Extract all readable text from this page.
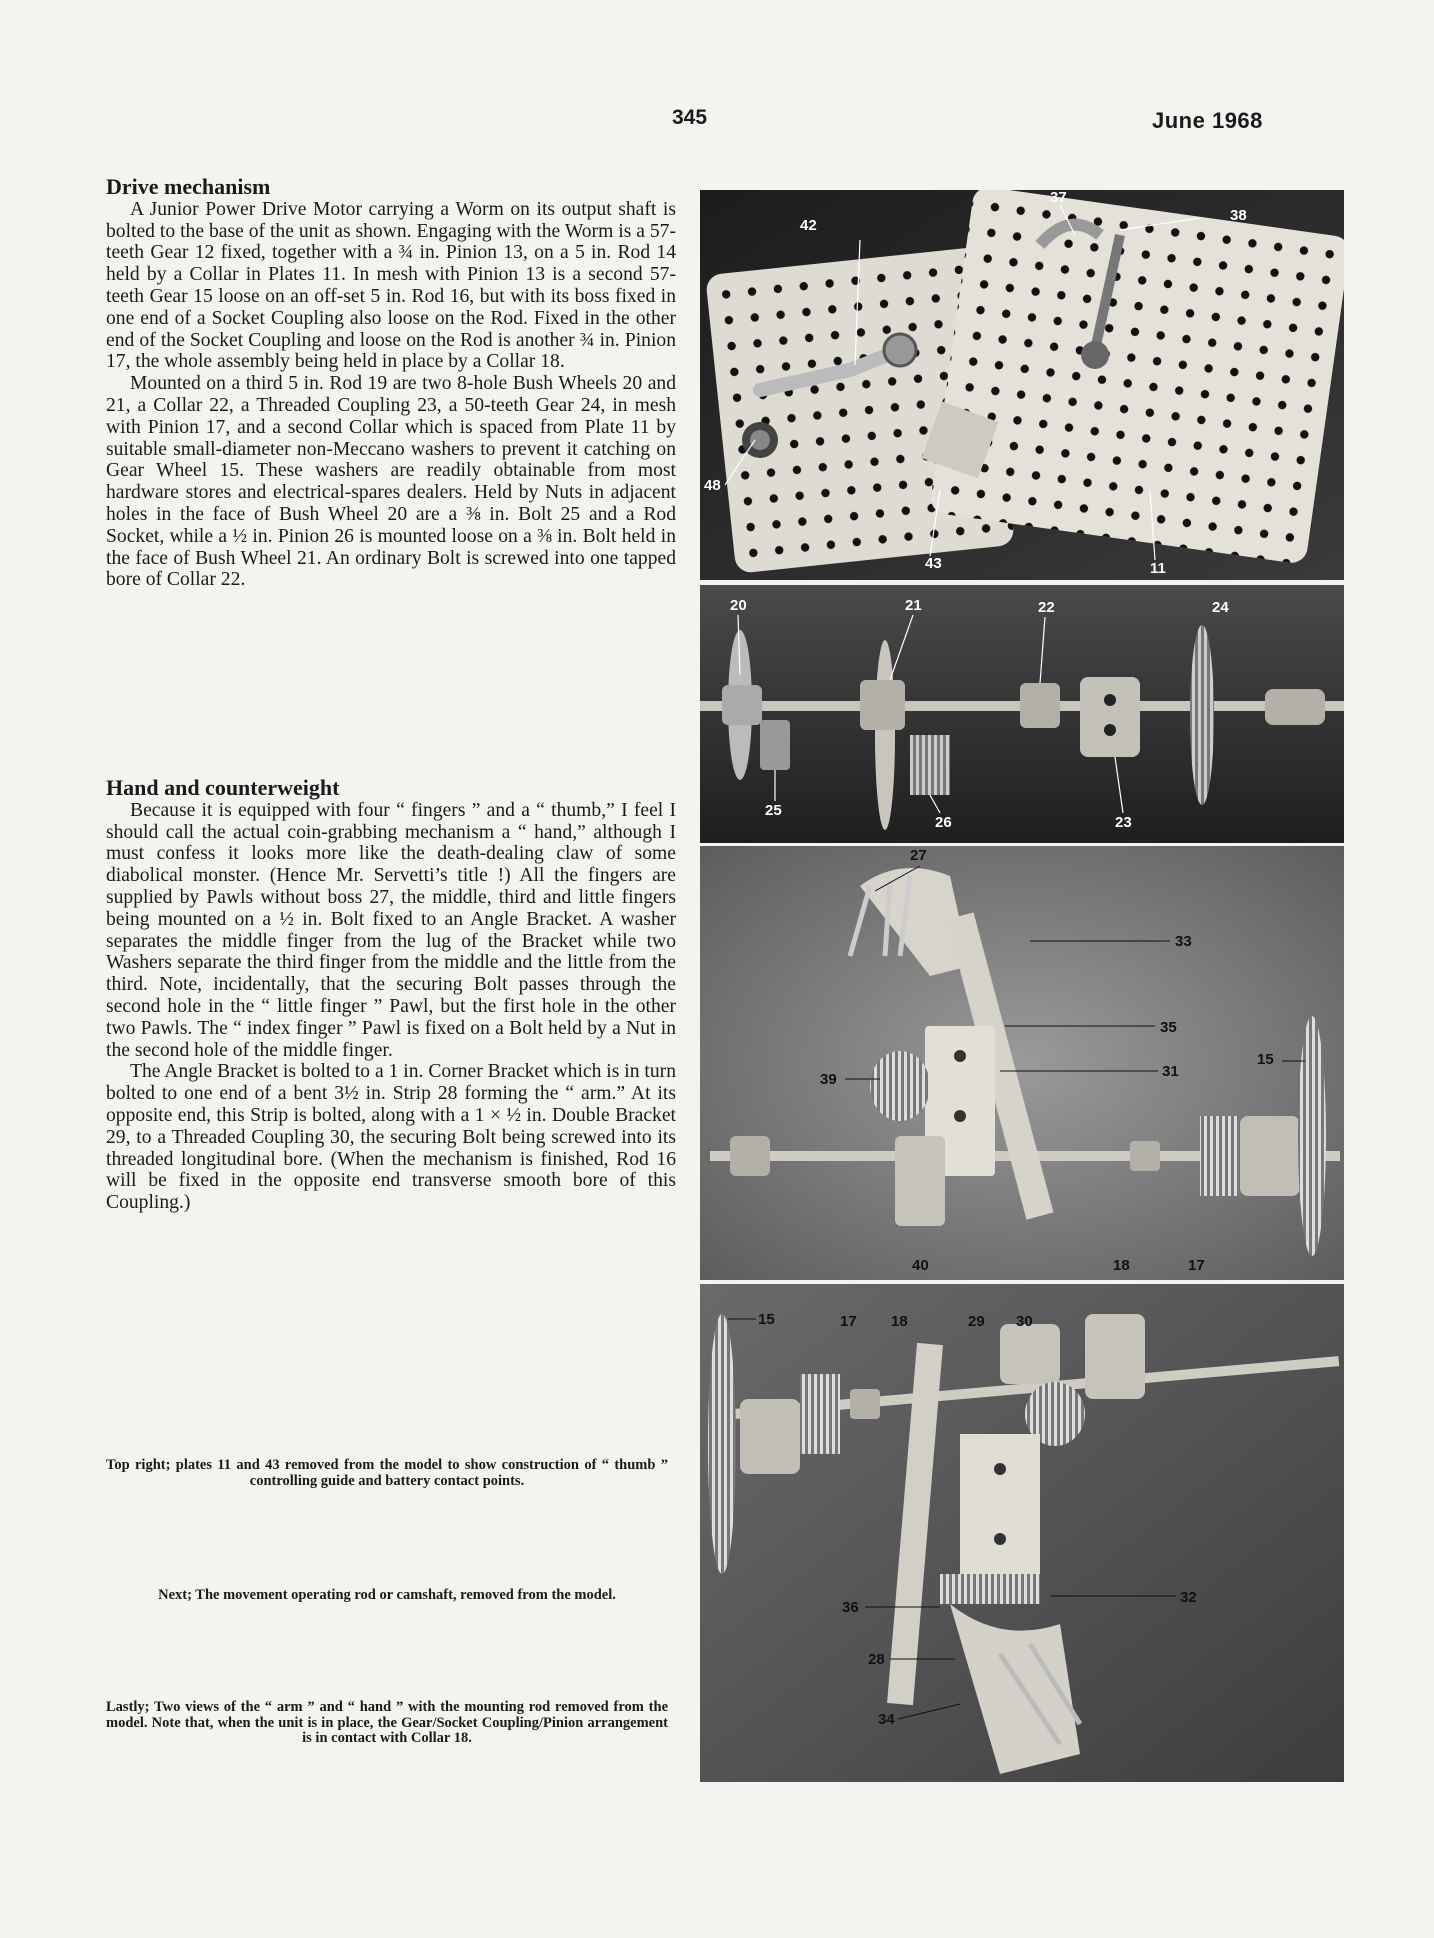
345	June 1968
Drive mechanism

A Junior Power Drive Motor carrying a Worm on its output shaft is bolted to the base of the unit as shown. Engaging with the Worm is a 57-teeth Gear 12 fixed, together with a ¾ in. Pinion 13, on a 5 in. Rod 14 held by a Collar in Plates 11. In mesh with Pinion 13 is a second 57-teeth Gear 15 loose on an off-set 5 in. Rod 16, but with its boss fixed in one end of a Socket Coupling also loose on the Rod. Fixed in the other end of the Socket Coupling and loose on the Rod is another ¾ in. Pinion 17, the whole assembly being held in place by a Collar 18.

Mounted on a third 5 in. Rod 19 are two 8-hole Bush Wheels 20 and 21, a Collar 22, a Threaded Coupling 23, a 50-teeth Gear 24, in mesh with Pinion 17, and a second Collar which is spaced from Plate 11 by suitable small-diameter non-Meccano washers to prevent it catching on Gear Wheel 15. These washers are readily obtainable from most hardware stores and electrical-spares dealers. Held by Nuts in adjacent holes in the face of Bush Wheel 20 are a ⅜ in. Bolt 25 and a Rod Socket, while a ½ in. Pinion 26 is mounted loose on a ⅜ in. Bolt held in the face of Bush Wheel 21. An ordinary Bolt is screwed into one tapped bore of Collar 22.

Hand and counterweight

Because it is equipped with four “ fingers ” and a “ thumb,” I feel I should call the actual coin-grabbing mechanism a “ hand,” although I must confess it looks more like the death-dealing claw of some diabolical monster. (Hence Mr. Servetti’s title !) All the fingers are supplied by Pawls without boss 27, the middle, third and little fingers being mounted on a ½ in. Bolt fixed to an Angle Bracket. A washer separates the middle finger from the lug of the Bracket while two Washers separate the third finger from the middle and the little from the third. Note, incidentally, that the securing Bolt passes through the second hole in the “ little finger ” Pawl, but the first hole in the other two Pawls. The “ index finger ” Pawl is fixed on a Bolt held by a Nut in the second hole of the middle finger.

The Angle Bracket is bolted to a 1 in. Corner Bracket which is in turn bolted to one end of a bent 3½ in. Strip 28 forming the “ arm.” At its opposite end, this Strip is bolted, along with a 1 × ½ in. Double Bracket 29, to a Threaded Coupling 30, the securing Bolt being screwed into its threaded longitudinal bore. (When the mechanism is finished, Rod 16 will be fixed in the opposite end transverse smooth bore of this Coupling.)

Top right; plates 11 and 43 removed from the model to show construction of “ thumb ” controlling guide and battery contact points.
Next; The movement operating rod or camshaft, removed from the model.
Lastly; Two views of the “ arm ” and “ hand ” with the mounting rod removed from the model. Note that, when the unit is in place, the Gear/Socket Coupling/Pinion arrangement is in contact with Collar 18.
37
38
42
48
43	11
20	21	22	24
25
26	23
27
33
35
31
39
15
40	18	17
15	17 18	29 30
36
32
28
34
